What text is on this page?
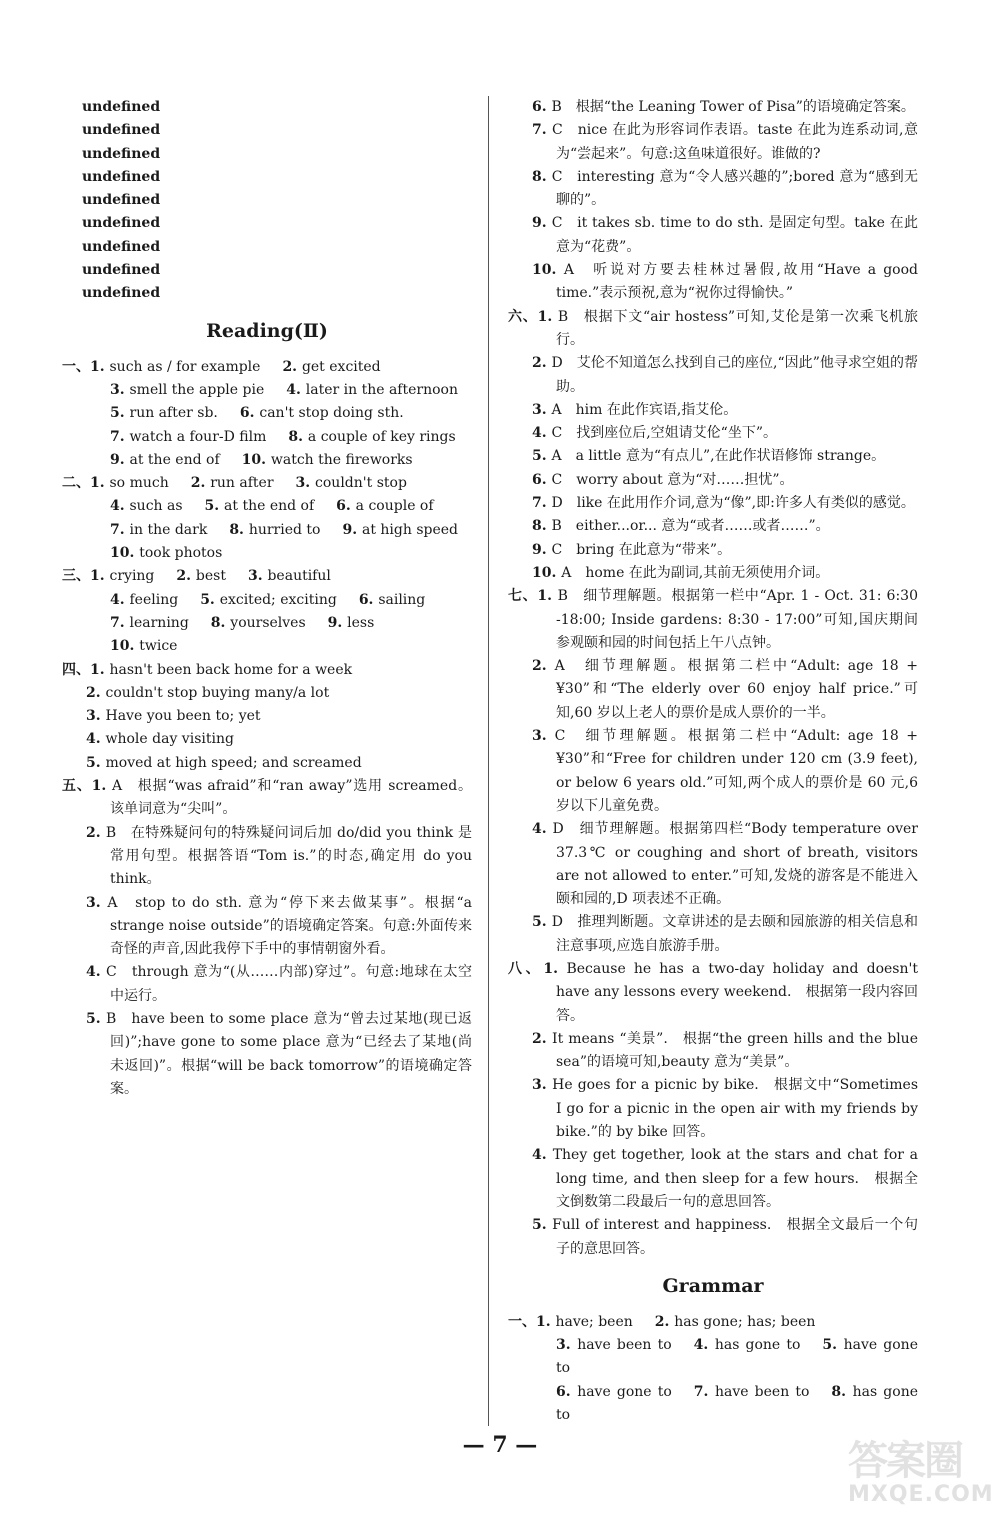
undefined

undefined

undefined

undefined

undefined

undefined

undefined

undefined

undefined

Reading(Ⅱ)

一、1. such as / for example 2. get excited

3. smell the apple pie 4. later in the afternoon

5. run after sb. 6. can't stop doing sth.

7. watch a four-D film 8. a couple of key rings

9. at the end of 10. watch the fireworks

二、1. so much 2. run after 3. couldn't stop

4. such as 5. at the end of 6. a couple of

7. in the dark 8. hurried to 9. at high speed

10. took photos

三、1. crying 2. best 3. beautiful

4. feeling 5. excited; exciting 6. sailing

7. learning 8. yourselves 9. less

10. twice

四、1. hasn't been back home for a week

2. couldn't stop buying many/a lot

3. Have you been to; yet

4. whole day visiting

5. moved at high speed; and screamed

五、1. A　根据“was afraid”和“ran away”选用 screamed。该单词意为“尖叫”。

2. B　在特殊疑问句的特殊疑问词后加 do/did you think 是常用句型。根据答语“Tom is.”的时态,确定用 do you think。

3. A　stop to do sth. 意为“停下来去做某事”。根据“a strange noise outside”的语境确定答案。句意:外面传来奇怪的声音,因此我停下手中的事情朝窗外看。

4. C　through 意为“(从……内部)穿过”。句意:地球在太空中运行。

5. B　have been to some place 意为“曾去过某地(现已返回)”;have gone to some place 意为“已经去了某地(尚未返回)”。根据“will be back tomorrow”的语境确定答案。

6. B　根据“the Leaning Tower of Pisa”的语境确定答案。

7. C　nice 在此为形容词作表语。taste 在此为连系动词,意为“尝起来”。句意:这鱼味道很好。谁做的?

8. C　interesting 意为“令人感兴趣的”;bored 意为“感到无聊的”。

9. C　it takes sb. time to do sth. 是固定句型。take 在此意为“花费”。

10. A　听说对方要去桂林过暑假,故用“Have a good time.”表示预祝,意为“祝你过得愉快。”

六、1. B　根据下文“air hostess”可知,艾伦是第一次乘飞机旅行。

2. D　艾伦不知道怎么找到自己的座位,“因此”他寻求空姐的帮助。

3. A　him 在此作宾语,指艾伦。

4. C　找到座位后,空姐请艾伦“坐下”。

5. A　a little 意为“有点儿”,在此作状语修饰 strange。

6. C　worry about 意为“对……担忧”。

7. D　like 在此用作介词,意为“像”,即:许多人有类似的感觉。

8. B　either...or... 意为“或者……或者……”。

9. C　bring 在此意为“带来”。

10. A　home 在此为副词,其前无须使用介词。

七、1. B　细节理解题。根据第一栏中“Apr. 1 - Oct. 31: 6:30 -18:00; Inside gardens: 8:30 - 17:00”可知,国庆期间参观颐和园的时间包括上午八点钟。

2. A　细节理解题。根据第二栏中“Adult: age 18 + ¥30”和“The elderly over 60 enjoy half price.”可知,60 岁以上老人的票价是成人票价的一半。

3. C　细节理解题。根据第二栏中“Adult: age 18 + ¥30”和“Free for children under 120 cm (3.9 feet), or below 6 years old.”可知,两个成人的票价是 60 元,6 岁以下儿童免费。

4. D　细节理解题。根据第四栏“Body temperature over 37.3℃ or coughing and short of breath, visitors are not allowed to enter.”可知,发烧的游客是不能进入颐和园的,D 项表述不正确。

5. D　推理判断题。文章讲述的是去颐和园旅游的相关信息和注意事项,应选自旅游手册。

八、1. Because he has a two-day holiday and doesn't have any lessons every weekend.　根据第一段内容回答。

2. It means “美景”.　根据“the green hills and the blue sea”的语境可知,beauty 意为“美景”。

3. He goes for a picnic by bike.　根据文中“Sometimes I go for a picnic in the open air with my friends by bike.”的 by bike 回答。

4. They get together, look at the stars and chat for a long time, and then sleep for a few hours.　根据全文倒数第二段最后一句的意思回答。

5. Full of interest and happiness.　根据全文最后一个句子的意思回答。

Grammar

一、1. have; been 2. has gone; has; been

3. have been to 4. has gone to 5. have gone to

6. have gone to 7. have been to 8. has gone to

— 7 —	答案圈
MXQE.COM
